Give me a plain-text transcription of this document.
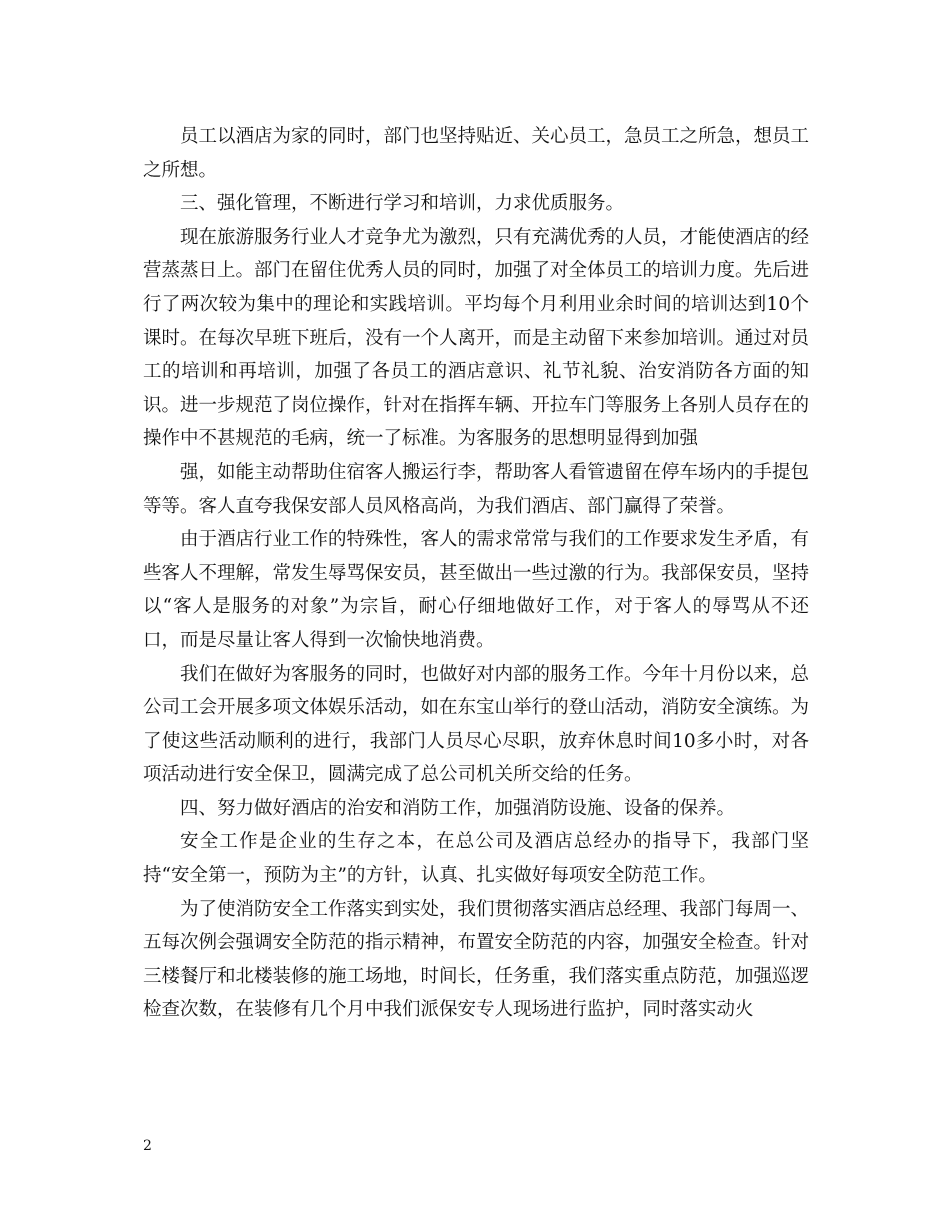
员工以酒店为家的同时，部门也坚持贴近、关心员工，急员工之所急，想员工之所想。

三、强化管理，不断进行学习和培训，力求优质服务。

现在旅游服务行业人才竞争尤为激烈，只有充满优秀的人员，才能使酒店的经营蒸蒸日上。部门在留住优秀人员的同时，加强了对全体员工的培训力度。先后进行了两次较为集中的理论和实践培训。平均每个月利用业余时间的培训达到10个课时。在每次早班下班后，没有一个人离开，而是主动留下来参加培训。通过对员工的培训和再培训，加强了各员工的酒店意识、礼节礼貌、治安消防各方面的知识。进一步规范了岗位操作，针对在指挥车辆、开拉车门等服务上各别人员存在的操作中不甚规范的毛病，统一了标准。为客服务的思想明显得到加强

强，如能主动帮助住宿客人搬运行李，帮助客人看管遗留在停车场内的手提包等等。客人直夸我保安部人员风格高尚，为我们酒店、部门赢得了荣誉。

由于酒店行业工作的特殊性，客人的需求常常与我们的工作要求发生矛盾，有些客人不理解，常发生辱骂保安员，甚至做出一些过激的行为。我部保安员，坚持以“客人是服务的对象”为宗旨，耐心仔细地做好工作，对于客人的辱骂从不还口，而是尽量让客人得到一次愉快地消费。

我们在做好为客服务的同时，也做好对内部的服务工作。今年十月份以来，总公司工会开展多项文体娱乐活动，如在东宝山举行的登山活动，消防安全演练。为了使这些活动顺利的进行，我部门人员尽心尽职，放弃休息时间10多小时，对各项活动进行安全保卫，圆满完成了总公司机关所交给的任务。

四、努力做好酒店的治安和消防工作，加强消防设施、设备的保养。

安全工作是企业的生存之本，在总公司及酒店总经办的指导下，我部门坚持“安全第一，预防为主”的方针，认真、扎实做好每项安全防范工作。

为了使消防安全工作落实到实处，我们贯彻落实酒店总经理、我部门每周一、五每次例会强调安全防范的指示精神，布置安全防范的内容，加强安全检查。针对三楼餐厅和北楼装修的施工场地，时间长，任务重，我们落实重点防范，加强巡逻检查次数，在装修有几个月中我们派保安专人现场进行监护，同时落实动火

2
